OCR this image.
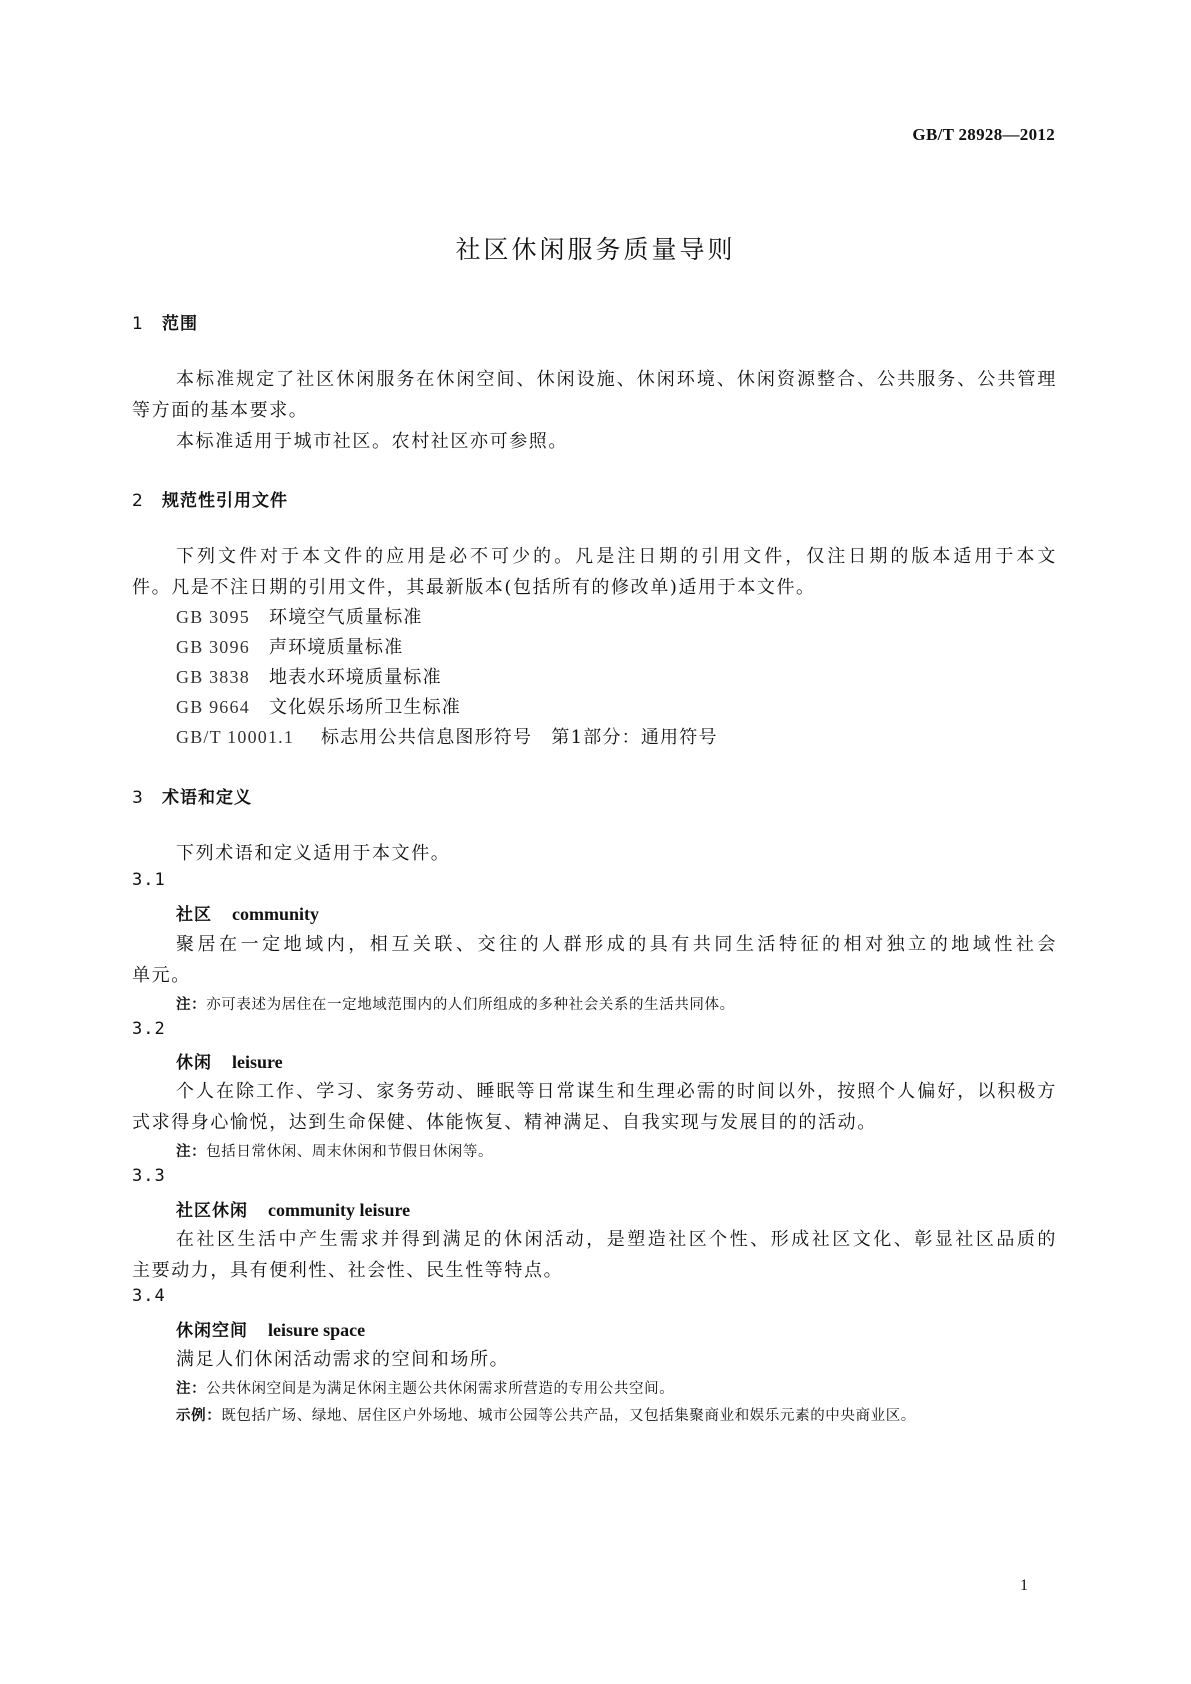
GB/T 28928—2012
社区休闲服务质量导则
1 范围
本标准规定了社区休闲服务在休闲空间、休闲设施、休闲环境、休闲资源整合、公共服务、公共管理
等方面的基本要求。
本标准适用于城市社区。农村社区亦可参照。
2 规范性引用文件
下列文件对于本文件的应用是必不可少的。凡是注日期的引用文件，仅注日期的版本适用于本文
件。凡是不注日期的引用文件，其最新版本(包括所有的修改单)适用于本文件。
GB 3095 环境空气质量标准
GB 3096 声环境质量标准
GB 3838 地表水环境质量标准
GB 9664 文化娱乐场所卫生标准
GB/T 10001.1 标志用公共信息图形符号　第1部分：通用符号
3 术语和定义
下列术语和定义适用于本文件。
3.1
社区 community
聚居在一定地域内，相互关联、交往的人群形成的具有共同生活特征的相对独立的地域性社会
单元。
注：亦可表述为居住在一定地域范围内的人们所组成的多种社会关系的生活共同体。
3.2
休闲 leisure
个人在除工作、学习、家务劳动、睡眠等日常谋生和生理必需的时间以外，按照个人偏好，以积极方
式求得身心愉悦，达到生命保健、体能恢复、精神满足、自我实现与发展目的的活动。
注：包括日常休闲、周末休闲和节假日休闲等。
3.3
社区休闲 community leisure
在社区生活中产生需求并得到满足的休闲活动，是塑造社区个性、形成社区文化、彰显社区品质的
主要动力，具有便利性、社会性、民生性等特点。
3.4
休闲空间 leisure space
满足人们休闲活动需求的空间和场所。
注：公共休闲空间是为满足休闲主题公共休闲需求所营造的专用公共空间。
示例：既包括广场、绿地、居住区户外场地、城市公园等公共产品，又包括集聚商业和娱乐元素的中央商业区。
1
